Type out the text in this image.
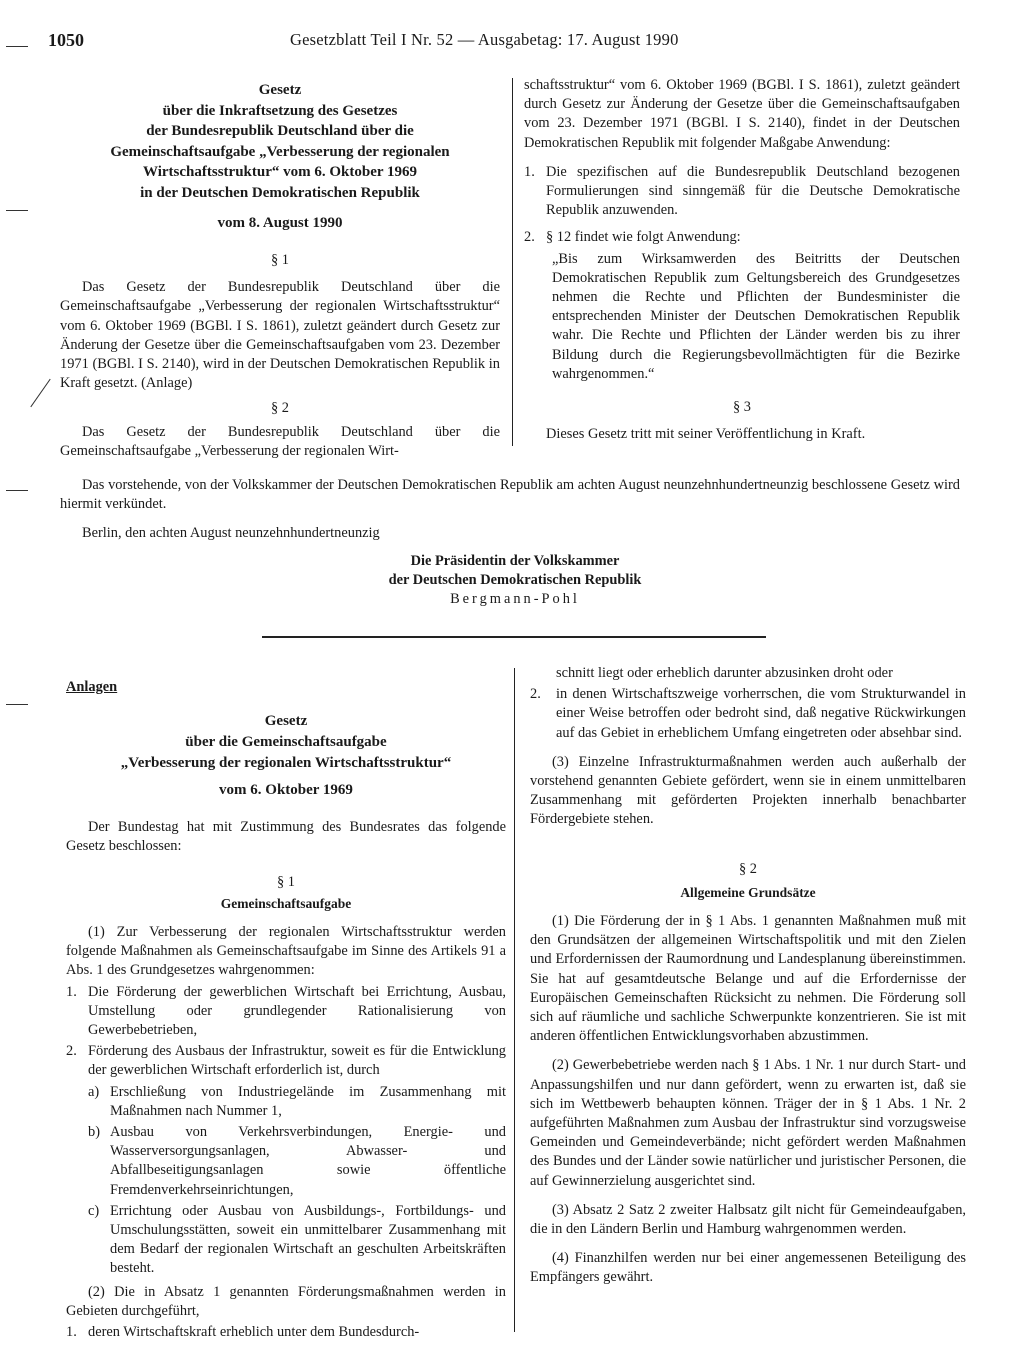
1050	Gesetzblatt Teil I Nr. 52 — Ausgabetag: 17. August 1990
Gesetz
über die Inkraftsetzung des Gesetzes
der Bundesrepublik Deutschland über die
Gemeinschaftsaufgabe „Verbesserung der regionalen
Wirtschaftsstruktur“ vom 6. Oktober 1969
in der Deutschen Demokratischen Republik
vom 8. August 1990

§ 1

Das Gesetz der Bundesrepublik Deutschland über die Gemeinschaftsaufgabe „Verbesserung der regionalen Wirtschaftsstruktur“ vom 6. Oktober 1969 (BGBl. I S. 1861), zuletzt geändert durch Gesetz zur Änderung der Gesetze über die Gemeinschaftsaufgaben vom 23. Dezember 1971 (BGBl. I S. 2140), wird in der Deutschen Demokratischen Republik in Kraft gesetzt. (Anlage)

§ 2

Das Gesetz der Bundesrepublik Deutschland über die Gemeinschaftsaufgabe „Verbesserung der regionalen Wirt-

schaftsstruktur“ vom 6. Oktober 1969 (BGBl. I S. 1861), zuletzt geändert durch Gesetz zur Änderung der Gesetze über die Gemeinschaftsaufgaben vom 23. Dezember 1971 (BGBl. I S. 2140), findet in der Deutschen Demokratischen Republik mit folgender Maßgabe Anwendung:

1. Die spezifischen auf die Bundesrepublik Deutschland bezogenen Formulierungen sind sinngemäß für die Deutsche Demokratische Republik anzuwenden.
2. § 12 findet wie folgt Anwendung:

„Bis zum Wirksamwerden des Beitritts der Deutschen Demokratischen Republik zum Geltungsbereich des Grundgesetzes nehmen die Rechte und Pflichten der Bundesminister die entsprechenden Minister der Deutschen Demokratischen Republik wahr. Die Rechte und Pflichten der Länder werden bis zu ihrer Bildung durch die Regierungsbevollmächtigten für die Bezirke wahrgenommen.“

§ 3

Dieses Gesetz tritt mit seiner Veröffentlichung in Kraft.

Das vorstehende, von der Volkskammer der Deutschen Demokratischen Republik am achten August neunzehnhundertneunzig beschlossene Gesetz wird hiermit verkündet.

Berlin, den achten August neunzehnhundertneunzig

Die Präsidentin der Volkskammer
der Deutschen Demokratischen Republik
Bergmann-Pohl
Anlagen
Gesetz
über die Gemeinschaftsaufgabe
„Verbesserung der regionalen Wirtschaftsstruktur“
vom 6. Oktober 1969

Der Bundestag hat mit Zustimmung des Bundesrates das folgende Gesetz beschlossen:

§ 1

Gemeinschaftsaufgabe

(1) Zur Verbesserung der regionalen Wirtschaftsstruktur werden folgende Maßnahmen als Gemeinschaftsaufgabe im Sinne des Artikels 91 a Abs. 1 des Grundgesetzes wahrgenommen:

1. Die Förderung der gewerblichen Wirtschaft bei Errichtung, Ausbau, Umstellung oder grundlegender Rationalisierung von Gewerbebetrieben,
2. Förderung des Ausbaus der Infrastruktur, soweit es für die Entwicklung der gewerblichen Wirtschaft erforderlich ist, durch
a) Erschließung von Industriegelände im Zusammenhang mit Maßnahmen nach Nummer 1,
b) Ausbau von Verkehrsverbindungen, Energie- und Wasserversorgungsanlagen, Abwasser- und Abfallbeseitigungsanlagen sowie öffentliche Fremdenverkehrseinrichtungen,
c) Errichtung oder Ausbau von Ausbildungs-, Fortbildungs- und Umschulungsstätten, soweit ein unmittelbarer Zusammenhang mit dem Bedarf der regionalen Wirtschaft an geschulten Arbeitskräften besteht.

(2) Die in Absatz 1 genannten Förderungsmaßnahmen werden in Gebieten durchgeführt,

1. deren Wirtschaftskraft erheblich unter dem Bundesdurch-

schnitt liegt oder erheblich darunter abzusinken droht oder

2.	in denen Wirtschaftszweige vorherrschen, die vom Strukturwandel in einer Weise betroffen oder bedroht sind, daß negative Rückwirkungen auf das Gebiet in erheblichem Umfang eingetreten oder absehbar sind.

(3) Einzelne Infrastrukturmaßnahmen werden auch außerhalb der vorstehend genannten Gebiete gefördert, wenn sie in einem unmittelbaren Zusammenhang mit geförderten Projekten innerhalb benachbarter Fördergebiete stehen.

§ 2

Allgemeine Grundsätze

(1) Die Förderung der in § 1 Abs. 1 genannten Maßnahmen muß mit den Grundsätzen der allgemeinen Wirtschaftspolitik und mit den Zielen und Erfordernissen der Raumordnung und Landesplanung übereinstimmen. Sie hat auf gesamtdeutsche Belange und auf die Erfordernisse der Europäischen Gemeinschaften Rücksicht zu nehmen. Die Förderung soll sich auf räumliche und sachliche Schwerpunkte konzentrieren. Sie ist mit anderen öffentlichen Entwicklungsvorhaben abzustimmen.

(2) Gewerbebetriebe werden nach § 1 Abs. 1 Nr. 1 nur durch Start- und Anpassungshilfen und nur dann gefördert, wenn zu erwarten ist, daß sie sich im Wettbewerb behaupten können. Träger der in § 1 Abs. 1 Nr. 2 aufgeführten Maßnahmen zum Ausbau der Infrastruktur sind vorzugsweise Gemeinden und Gemeindeverbände; nicht gefördert werden Maßnahmen des Bundes und der Länder sowie natürlicher und juristischer Personen, die auf Gewinnerzielung ausgerichtet sind.

(3) Absatz 2 Satz 2 zweiter Halbsatz gilt nicht für Gemeindeaufgaben, die in den Ländern Berlin und Hamburg wahrgenommen werden.

(4) Finanzhilfen werden nur bei einer angemessenen Beteiligung des Empfängers gewährt.
